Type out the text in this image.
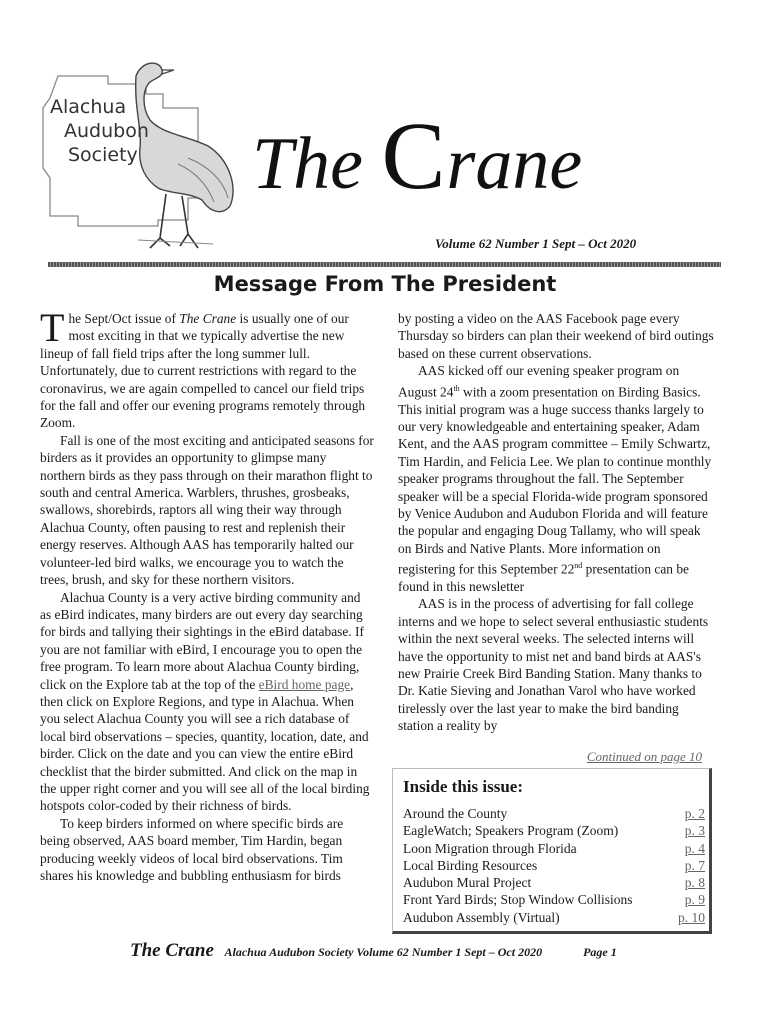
Alachua
Audubon
Society	The Crane
Volume 62 Number 1 Sept – Oct 2020
Message From The President

The Sept/Oct issue of The Crane is usually one of our most exciting in that we typically advertise the new lineup of fall field trips after the long summer lull. Unfortunately, due to current restrictions with regard to the coronavirus, we are again compelled to cancel our field trips for the fall and offer our evening programs remotely through Zoom.

Fall is one of the most exciting and anticipated seasons for birders as it provides an opportunity to glimpse many northern birds as they pass through on their marathon flight to south and central America. Warblers, thrushes, grosbeaks, swallows, shorebirds, raptors all wing their way through Alachua County, often pausing to rest and replenish their energy reserves. Although AAS has temporarily halted our volunteer-led bird walks, we encourage you to watch the trees, brush, and sky for these northern visitors.

Alachua County is a very active birding community and as eBird indicates, many birders are out every day searching for birds and tallying their sightings in the eBird database. If you are not familiar with eBird, I encourage you to open the free program. To learn more about Alachua County birding, click on the Explore tab at the top of the eBird home page, then click on Explore Regions, and type in Alachua. When you select Alachua County you will see a rich database of local bird observations – species, quantity, location, date, and birder. Click on the date and you can view the entire eBird checklist that the birder submitted. And click on the map in the upper right corner and you will see all of the local birding hotspots color-coded by their richness of birds.

To keep birders informed on where specific birds are being observed, AAS board member, Tim Hardin, began producing weekly videos of local bird observations. Tim shares his knowledge and bubbling enthusiasm for birds

by posting a video on the AAS Facebook page every Thursday so birders can plan their weekend of bird outings based on these current observations.

AAS kicked off our evening speaker program on August 24th with a zoom presentation on Birding Basics. This initial program was a huge success thanks largely to our very knowledgeable and entertaining speaker, Adam Kent, and the AAS program committee – Emily Schwartz, Tim Hardin, and Felicia Lee. We plan to continue monthly speaker programs throughout the fall. The September speaker will be a special Florida-wide program sponsored by Venice Audubon and Audubon Florida and will feature the popular and engaging Doug Tallamy, who will speak on Birds and Native Plants. More information on registering for this September 22nd presentation can be found in this newsletter

AAS is in the process of advertising for fall college interns and we hope to select several enthusiastic students within the next several weeks. The selected interns will have the opportunity to mist net and band birds at AAS's new Prairie Creek Bird Banding Station. Many thanks to Dr. Katie Sieving and Jonathan Varol who have worked tirelessly over the last year to make the bird banding station a reality by

Continued on page 10
Inside this issue:
Around the County	p. 2
EagleWatch; Speakers Program (Zoom)	p. 3
Loon Migration through Florida	p. 4
Local Birding Resources	p. 7
Audubon Mural Project	p. 8
Front Yard Birds; Stop Window Collisions	p. 9
Audubon Assembly (Virtual)	p. 10
The Crane Alachua Audubon Society Volume 62 Number 1 Sept – Oct 2020	Page 1
